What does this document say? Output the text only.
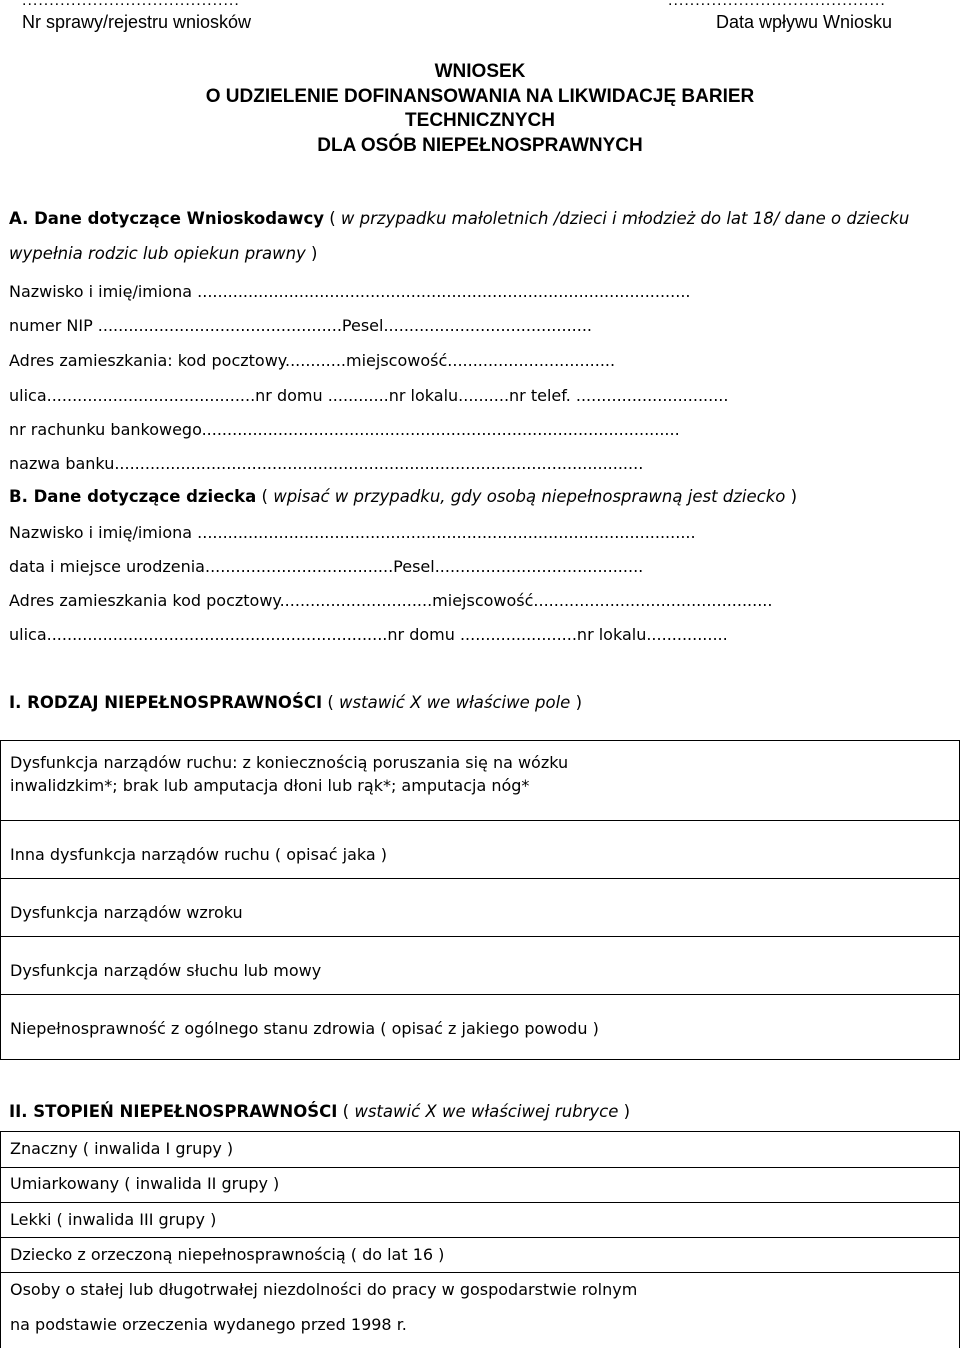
........................................	........................................
Nr sprawy/rejestru wniosków	Data wpływu Wniosku
WNIOSEK
O UDZIELENIE DOFINANSOWANIA NA LIKWIDACJĘ BARIER
TECHNICZNYCH
DLA OSÓB NIEPEŁNOSPRAWNYCH
A. Dane dotyczące Wnioskodawcy ( w przypadku małoletnich /dzieci i młodzież do lat 18/ dane o dziecku
wypełnia rodzic lub opiekun prawny )
Nazwisko i imię/imiona .................................................................................................
numer NIP ................................................Pesel.........................................
Adres zamieszkania: kod pocztowy............miejscowość.................................
ulica.........................................nr domu ............nr lokalu..........nr telef. ..............................
nr rachunku bankowego..............................................................................................
nazwa banku........................................................................................................
B. Dane dotyczące dziecka ( wpisać w przypadku, gdy osobą niepełnosprawną jest dziecko )
Nazwisko i imię/imiona ..................................................................................................
data i miejsce urodzenia.....................................Pesel.........................................
Adres zamieszkania kod pocztowy..............................miejscowość...............................................
ulica...................................................................nr domu .......................nr lokalu................
I. RODZAJ NIEPEŁNOSPRAWNOŚCI ( wstawić X we właściwe pole )
Dysfunkcja narządów ruchu: z koniecznością poruszania się na wózku
inwalidzkim*; brak lub amputacja dłoni lub rąk*; amputacja nóg*
Inna dysfunkcja narządów ruchu ( opisać jaka )
Dysfunkcja narządów wzroku
Dysfunkcja narządów słuchu lub mowy
Niepełnosprawność z ogólnego stanu zdrowia ( opisać z jakiego powodu )
II. STOPIEŃ NIEPEŁNOSPRAWNOŚCI ( wstawić X we właściwej rubryce )
Znaczny ( inwalida I grupy )
Umiarkowany ( inwalida II grupy )
Lekki ( inwalida III grupy )
Dziecko z orzeczoną niepełnosprawnością ( do lat 16 )
Osoby o stałej lub długotrwałej niezdolności do pracy w gospodarstwie rolnym
na podstawie orzeczenia wydanego przed 1998 r.
